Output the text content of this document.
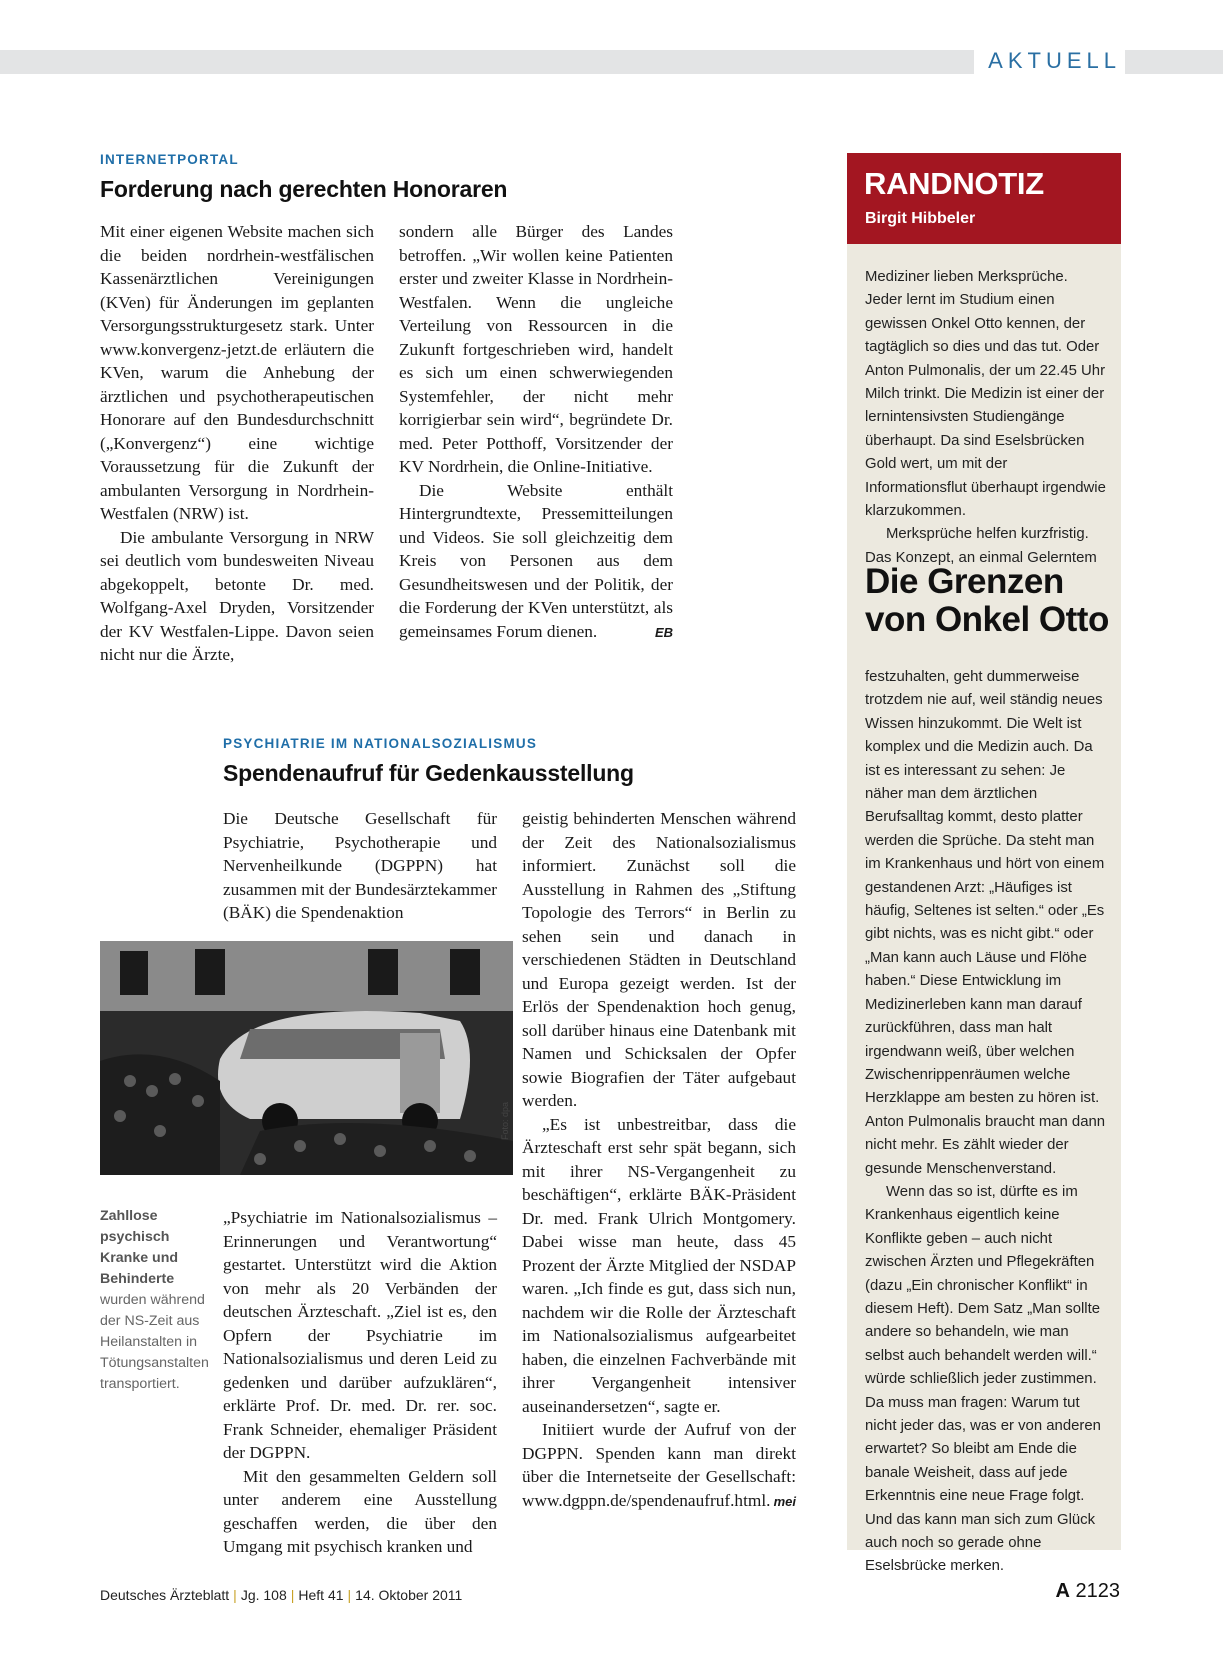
AKTUELL
INTERNETPORTAL
Forderung nach gerechten Honoraren

Mit einer eigenen Website machen sich die beiden nordrhein-westfälischen Kassenärztlichen Vereinigungen (KVen) für Änderungen im geplanten Versorgungsstrukturgesetz stark. Unter www.konvergenz-jetzt.de erläutern die KVen, warum die Anhebung der ärztlichen und psychotherapeutischen Honorare auf den Bundesdurchschnitt („Konvergenz“) eine wichtige Voraussetzung für die Zukunft der ambulanten Versorgung in Nordrhein-Westfalen (NRW) ist.

Die ambulante Versorgung in NRW sei deutlich vom bundesweiten Niveau abgekoppelt, betonte Dr. med. Wolfgang-Axel Dryden, Vorsitzender der KV Westfalen-Lippe. Davon seien nicht nur die Ärzte,

sondern alle Bürger des Landes betroffen. „Wir wollen keine Patienten erster und zweiter Klasse in Nordrhein-Westfalen. Wenn die ungleiche Verteilung von Ressourcen in die Zukunft fortgeschrieben wird, handelt es sich um einen schwerwiegenden Systemfehler, der nicht mehr korrigierbar sein wird“, begründete Dr. med. Peter Potthoff, Vorsitzender der KV Nordrhein, die Online-Initiative.

Die Website enthält Hintergrundtexte, Pressemitteilungen und Videos. Sie soll gleichzeitig dem Kreis von Personen aus dem Gesundheitswesen und der Politik, der die Forderung der KVen unterstützt, als gemeinsames Forum dienen.	EB
PSYCHIATRIE IM NATIONALSOZIALISMUS
Spendenaufruf für Gedenkausstellung

Die Deutsche Gesellschaft für Psychiatrie, Psychotherapie und Nervenheilkunde (DGPPN) hat zusammen mit der Bundesärztekammer (BÄK) die Spendenaktion

Foto: dpa
Zahllose psychisch Kranke und Behinderte wurden während der NS-Zeit aus Heilanstalten in Tötungsanstalten transportiert.

„Psychiatrie im Nationalsozialismus – Erinnerungen und Verantwortung“ gestartet. Unterstützt wird die Aktion von mehr als 20 Verbänden der deutschen Ärzteschaft. „Ziel ist es, den Opfern der Psychiatrie im Nationalsozialismus und deren Leid zu gedenken und darüber aufzuklären“, erklärte Prof. Dr. med. Dr. rer. soc. Frank Schneider, ehemaliger Präsident der DGPPN.

Mit den gesammelten Geldern soll unter anderem eine Ausstellung geschaffen werden, die über den Umgang mit psychisch kranken und

geistig behinderten Menschen während der Zeit des Nationalsozialismus informiert. Zunächst soll die Ausstellung in Rahmen des „Stiftung Topologie des Terrors“ in Berlin zu sehen sein und danach in verschiedenen Städten in Deutschland und Europa gezeigt werden. Ist der Erlös der Spendenaktion hoch genug, soll darüber hinaus eine Datenbank mit Namen und Schicksalen der Opfer sowie Biografien der Täter aufgebaut werden.

„Es ist unbestreitbar, dass die Ärzteschaft erst sehr spät begann, sich mit ihrer NS-Vergangenheit zu beschäftigen“, erklärte BÄK-Präsident Dr. med. Frank Ulrich Montgomery. Dabei wisse man heute, dass 45 Prozent der Ärzte Mitglied der NSDAP waren. „Ich finde es gut, dass sich nun, nachdem wir die Rolle der Ärzteschaft im Nationalsozialismus aufgearbeitet haben, die einzelnen Fachverbände mit ihrer Vergangenheit intensiver auseinandersetzen“, sagte er.

Initiiert wurde der Aufruf von der DGPPN. Spenden kann man direkt über die Internetseite der Gesellschaft: www.dgppn.de/spendenaufruf.html. mei
RANDNOTIZ
Birgit Hibbeler

Mediziner lieben Merksprüche. Jeder lernt im Studium einen gewissen Onkel Otto kennen, der tagtäglich so dies und das tut. Oder Anton Pulmonalis, der um 22.45 Uhr Milch trinkt. Die Medizin ist einer der lernintensivsten Studiengänge überhaupt. Da sind Eselsbrücken Gold wert, um mit der Informationsflut überhaupt irgendwie klarzukommen.

Merksprüche helfen kurzfristig. Das Konzept, an einmal Gelerntem

Die Grenzen von Onkel Otto

festzuhalten, geht dummerweise trotzdem nie auf, weil ständig neues Wissen hinzukommt. Die Welt ist komplex und die Medizin auch. Da ist es interessant zu sehen: Je näher man dem ärztlichen Berufsalltag kommt, desto platter werden die Sprüche. Da steht man im Krankenhaus und hört von einem gestandenen Arzt: „Häufiges ist häufig, Seltenes ist selten.“ oder „Es gibt nichts, was es nicht gibt.“ oder „Man kann auch Läuse und Flöhe haben.“ Diese Entwicklung im Medizinerleben kann man darauf zurückführen, dass man halt irgendwann weiß, über welchen Zwischenrippenräumen welche Herzklappe am besten zu hören ist. Anton Pulmonalis braucht man dann nicht mehr. Es zählt wieder der gesunde Menschenverstand.

Wenn das so ist, dürfte es im Krankenhaus eigentlich keine Konflikte geben – auch nicht zwischen Ärzten und Pflegekräften (dazu „Ein chronischer Konflikt“ in diesem Heft). Dem Satz „Man sollte andere so behandeln, wie man selbst auch behandelt werden will.“ würde schließlich jeder zustimmen. Da muss man fragen: Warum tut nicht jeder das, was er von anderen erwartet? So bleibt am Ende die banale Weisheit, dass auf jede Erkenntnis eine neue Frage folgt. Und das kann man sich zum Glück auch noch so gerade ohne Eselsbrücke merken.

Deutsches Ärzteblatt | Jg. 108 | Heft 41 | 14. Oktober 2011	A 2123
